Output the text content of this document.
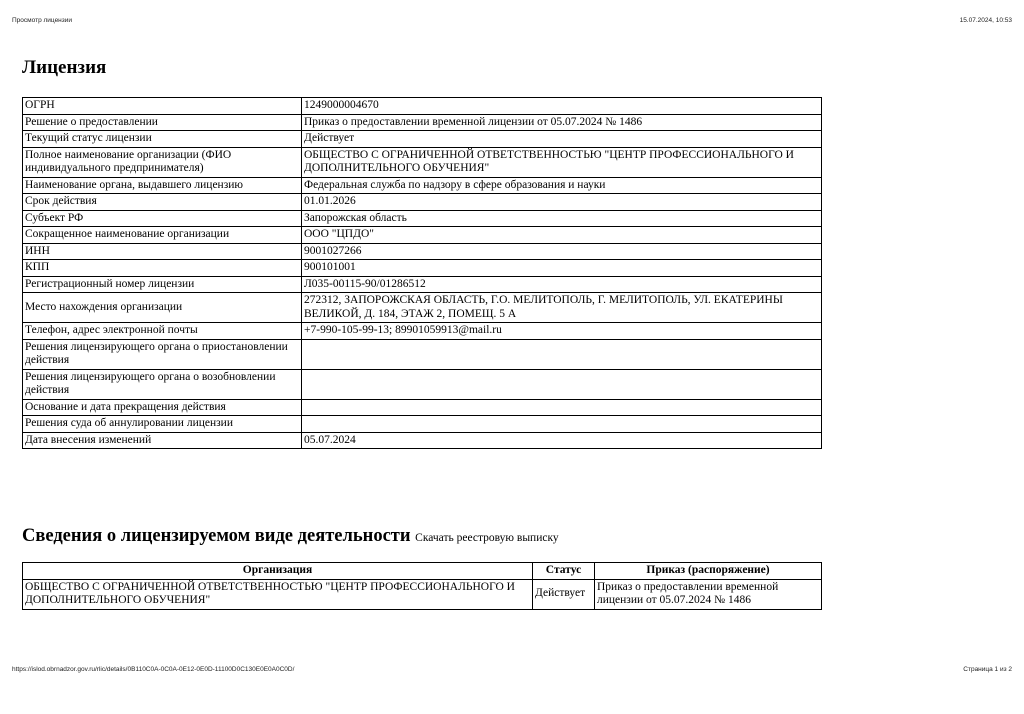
Просмотр лицензии	15.07.2024, 10:53
Лицензия
ОГРН	1249000004670
Решение о предоставлении	Приказ о предоставлении временной лицензии от 05.07.2024 № 1486
Текущий статус лицензии	Действует
Полное наименование организации (ФИО индивидуального предпринимателя)	ОБЩЕСТВО С ОГРАНИЧЕННОЙ ОТВЕТСТВЕННОСТЬЮ "ЦЕНТР ПРОФЕССИОНАЛЬНОГО И ДОПОЛНИТЕЛЬНОГО ОБУЧЕНИЯ"
Наименование органа, выдавшего лицензию	Федеральная служба по надзору в сфере образования и науки
Срок действия	01.01.2026
Субъект РФ	Запорожская область
Сокращенное наименование организации	ООО "ЦПДО"
ИНН	9001027266
КПП	900101001
Регистрационный номер лицензии	Л035-00115-90/01286512
Место нахождения организации	272312, ЗАПОРОЖСКАЯ ОБЛАСТЬ, Г.О. МЕЛИТОПОЛЬ, Г. МЕЛИТОПОЛЬ, УЛ. ЕКАТЕРИНЫ ВЕЛИКОЙ, Д. 184, ЭТАЖ 2, ПОМЕЩ. 5 А
Телефон, адрес электронной почты	+7-990-105-99-13; 89901059913@mail.ru
Решения лицензирующего органа о приостановлении действия	
Решения лицензирующего органа о возобновлении действия	
Основание и дата прекращения действия	
Решения суда об аннулировании лицензии	
Дата внесения изменений	05.07.2024
Сведения о лицензируемом виде деятельности Скачать реестровую выписку
Организация	Статус	Приказ (распоряжение)
ОБЩЕСТВО С ОГРАНИЧЕННОЙ ОТВЕТСТВЕННОСТЬЮ "ЦЕНТР ПРОФЕССИОНАЛЬНОГО И ДОПОЛНИТЕЛЬНОГО ОБУЧЕНИЯ"	Действует	Приказ о предоставлении временной лицензии от 05.07.2024 № 1486
https://islod.obrnadzor.gov.ru/rlic/details/0B110C0A-0C0A-0E12-0E0D-11100D0C130E0E0A0C0D/	Страница 1 из 2
